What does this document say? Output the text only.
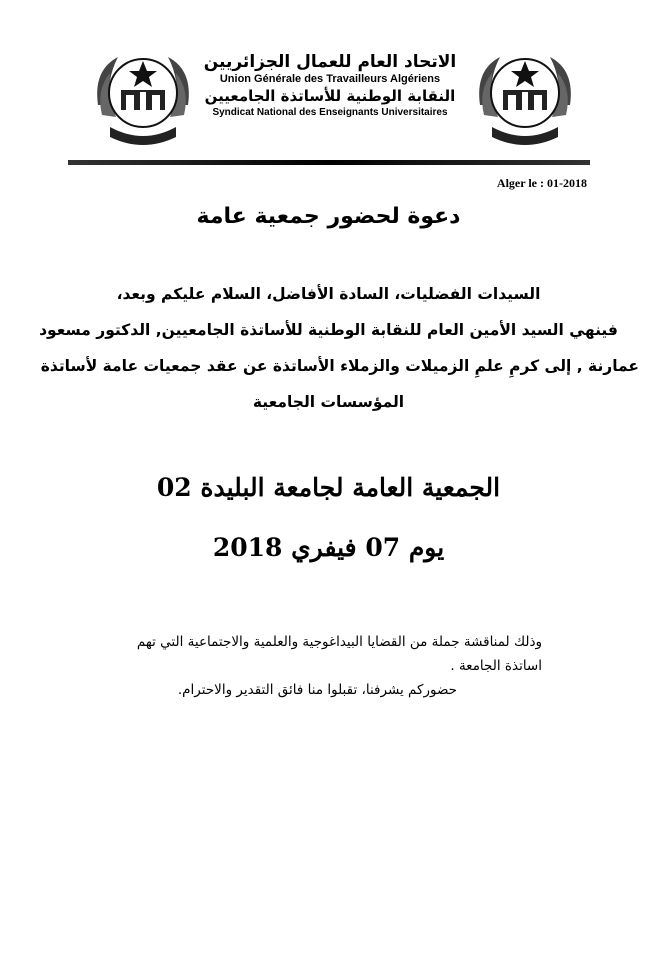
الاتحاد العام للعمال الجزائريين
Union Générale des Travailleurs Algériens
النقابة الوطنية للأساتذة الجامعيين
Syndicat National des Enseignants Universitaires
Alger le : 01-2018
دعوة لحضور جمعية عامة

السيدات الفضليات، السادة الأفاضل، السلام عليكم وبعد،

فينهي السيد الأمين العام للنقابة الوطنية للأساتذة الجامعيين, الدكتور مسعود

عمارنة , إلى كرمِ علمِ الزميلات والزملاء الأساتذة عن عقد جمعيات عامة لأساتذة

المؤسسات الجامعية

الجمعية العامة لجامعة البليدة 02
يوم 07 فيفري 2018

وذلك لمناقشة جملة من القضايا البيداغوجية والعلمية والاجتماعية التي تهم

اساتذة الجامعة .

حضوركم يشرفنا، تقبلوا منا فائق التقدير والاحترام.
